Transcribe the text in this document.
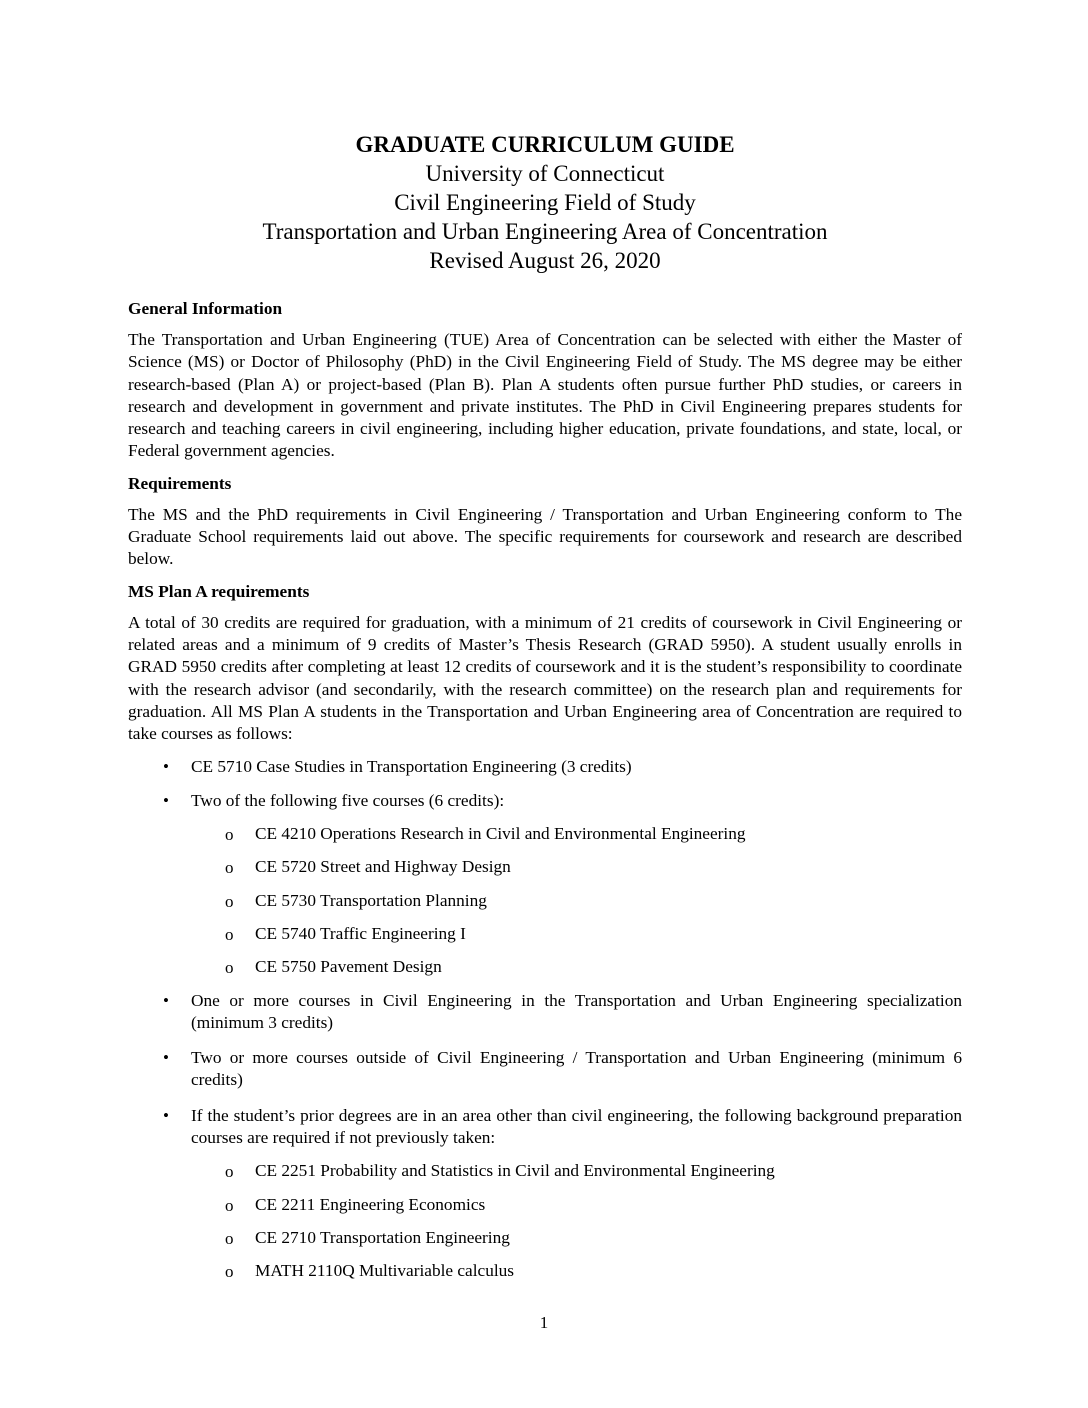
GRADUATE CURRICULUM GUIDE
University of Connecticut
Civil Engineering Field of Study
Transportation and Urban Engineering Area of Concentration
Revised August 26, 2020

General Information

The Transportation and Urban Engineering (TUE) Area of Concentration can be selected with either the Master of Science (MS) or Doctor of Philosophy (PhD) in the Civil Engineering Field of Study. The MS degree may be either research-based (Plan A) or project-based (Plan B). Plan A students often pursue further PhD studies, or careers in research and development in government and private institutes. The PhD in Civil Engineering prepares students for research and teaching careers in civil engineering, including higher education, private foundations, and state, local, or Federal government agencies.

Requirements

The MS and the PhD requirements in Civil Engineering / Transportation and Urban Engineering conform to The Graduate School requirements laid out above. The specific requirements for coursework and research are described below.

MS Plan A requirements

A total of 30 credits are required for graduation, with a minimum of 21 credits of coursework in Civil Engineering or related areas and a minimum of 9 credits of Master’s Thesis Research (GRAD 5950). A student usually enrolls in GRAD 5950 credits after completing at least 12 credits of coursework and it is the student’s responsibility to coordinate with the research advisor (and secondarily, with the research committee) on the research plan and requirements for graduation. All MS Plan A students in the Transportation and Urban Engineering area of Concentration are required to take courses as follows:

• CE 5710 Case Studies in Transportation Engineering (3 credits)
• Two of the following five courses (6 credits):
o CE 4210 Operations Research in Civil and Environmental Engineering
o CE 5720 Street and Highway Design
o CE 5730 Transportation Planning
o CE 5740 Traffic Engineering I
o CE 5750 Pavement Design
• One or more courses in Civil Engineering in the Transportation and Urban Engineering specialization (minimum 3 credits)
• Two or more courses outside of Civil Engineering / Transportation and Urban Engineering (minimum 6 credits)
• If the student’s prior degrees are in an area other than civil engineering, the following background preparation courses are required if not previously taken:
o CE 2251 Probability and Statistics in Civil and Environmental Engineering
o CE 2211 Engineering Economics
o CE 2710 Transportation Engineering
o MATH 2110Q Multivariable calculus
1
